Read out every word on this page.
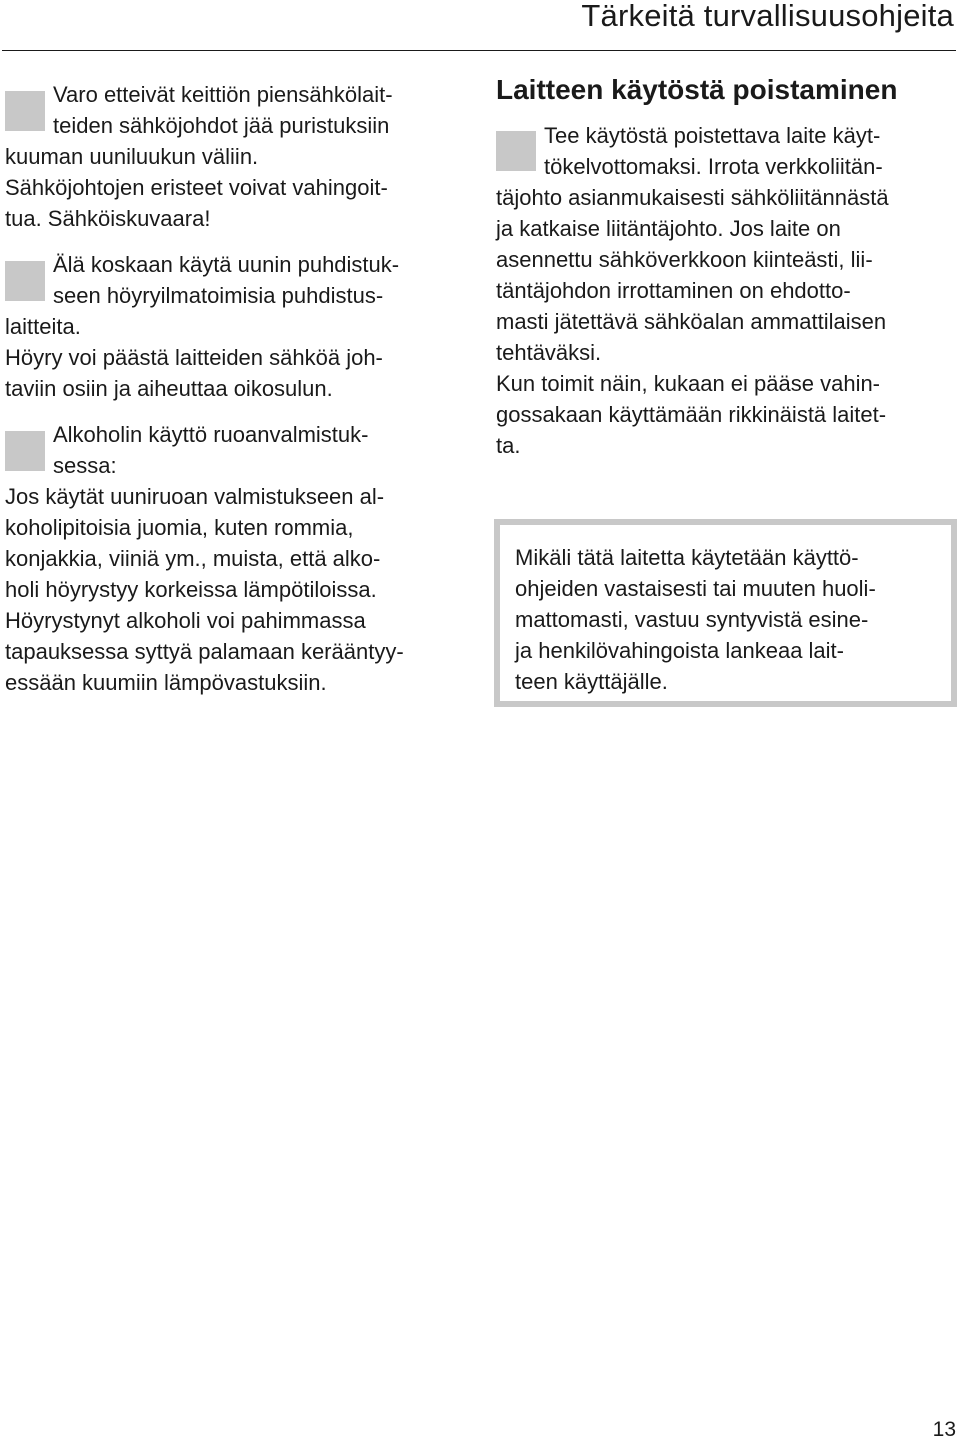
Tärkeitä turvallisuusohjeita
Varo etteivät keittiön piensähkölait-
teiden sähköjohdot jää puristuksiin
kuuman uuniluukun väliin.
Sähköjohtojen eristeet voivat vahingoit-
tua. Sähköiskuvaara!
Älä koskaan käytä uunin puhdistuk-
seen höyryilmatoimisia puhdistus-
laitteita.
Höyry voi päästä laitteiden sähköä joh-
taviin osiin ja aiheuttaa oikosulun.
Alkoholin käyttö ruoanvalmistuk-
sessa:
Jos käytät uuniruoan valmistukseen al-
koholipitoisia juomia, kuten rommia,
konjakkia, viiniä ym., muista, että alko-
holi höyrystyy korkeissa lämpötiloissa.
Höyrystynyt alkoholi voi pahimmassa
tapauksessa syttyä palamaan kerääntyy-
essään kuumiin lämpövastuksiin.
Laitteen käytöstä poistaminen
Tee käytöstä poistettava laite käyt-
tökelvottomaksi. Irrota verkkoliitän-
täjohto asianmukaisesti sähköliitännästä
ja katkaise liitäntäjohto. Jos laite on
asennettu sähköverkkoon kiinteästi, lii-
täntäjohdon irrottaminen on ehdotto-
masti jätettävä sähköalan ammattilaisen
tehtäväksi.
Kun toimit näin, kukaan ei pääse vahin-
gossakaan käyttämään rikkinäistä laitet-
ta.
Mikäli tätä laitetta käytetään käyttö-
ohjeiden vastaisesti tai muuten huoli-
mattomasti, vastuu syntyvistä esine-
ja henkilövahingoista lankeaa lait-
teen käyttäjälle.
13
